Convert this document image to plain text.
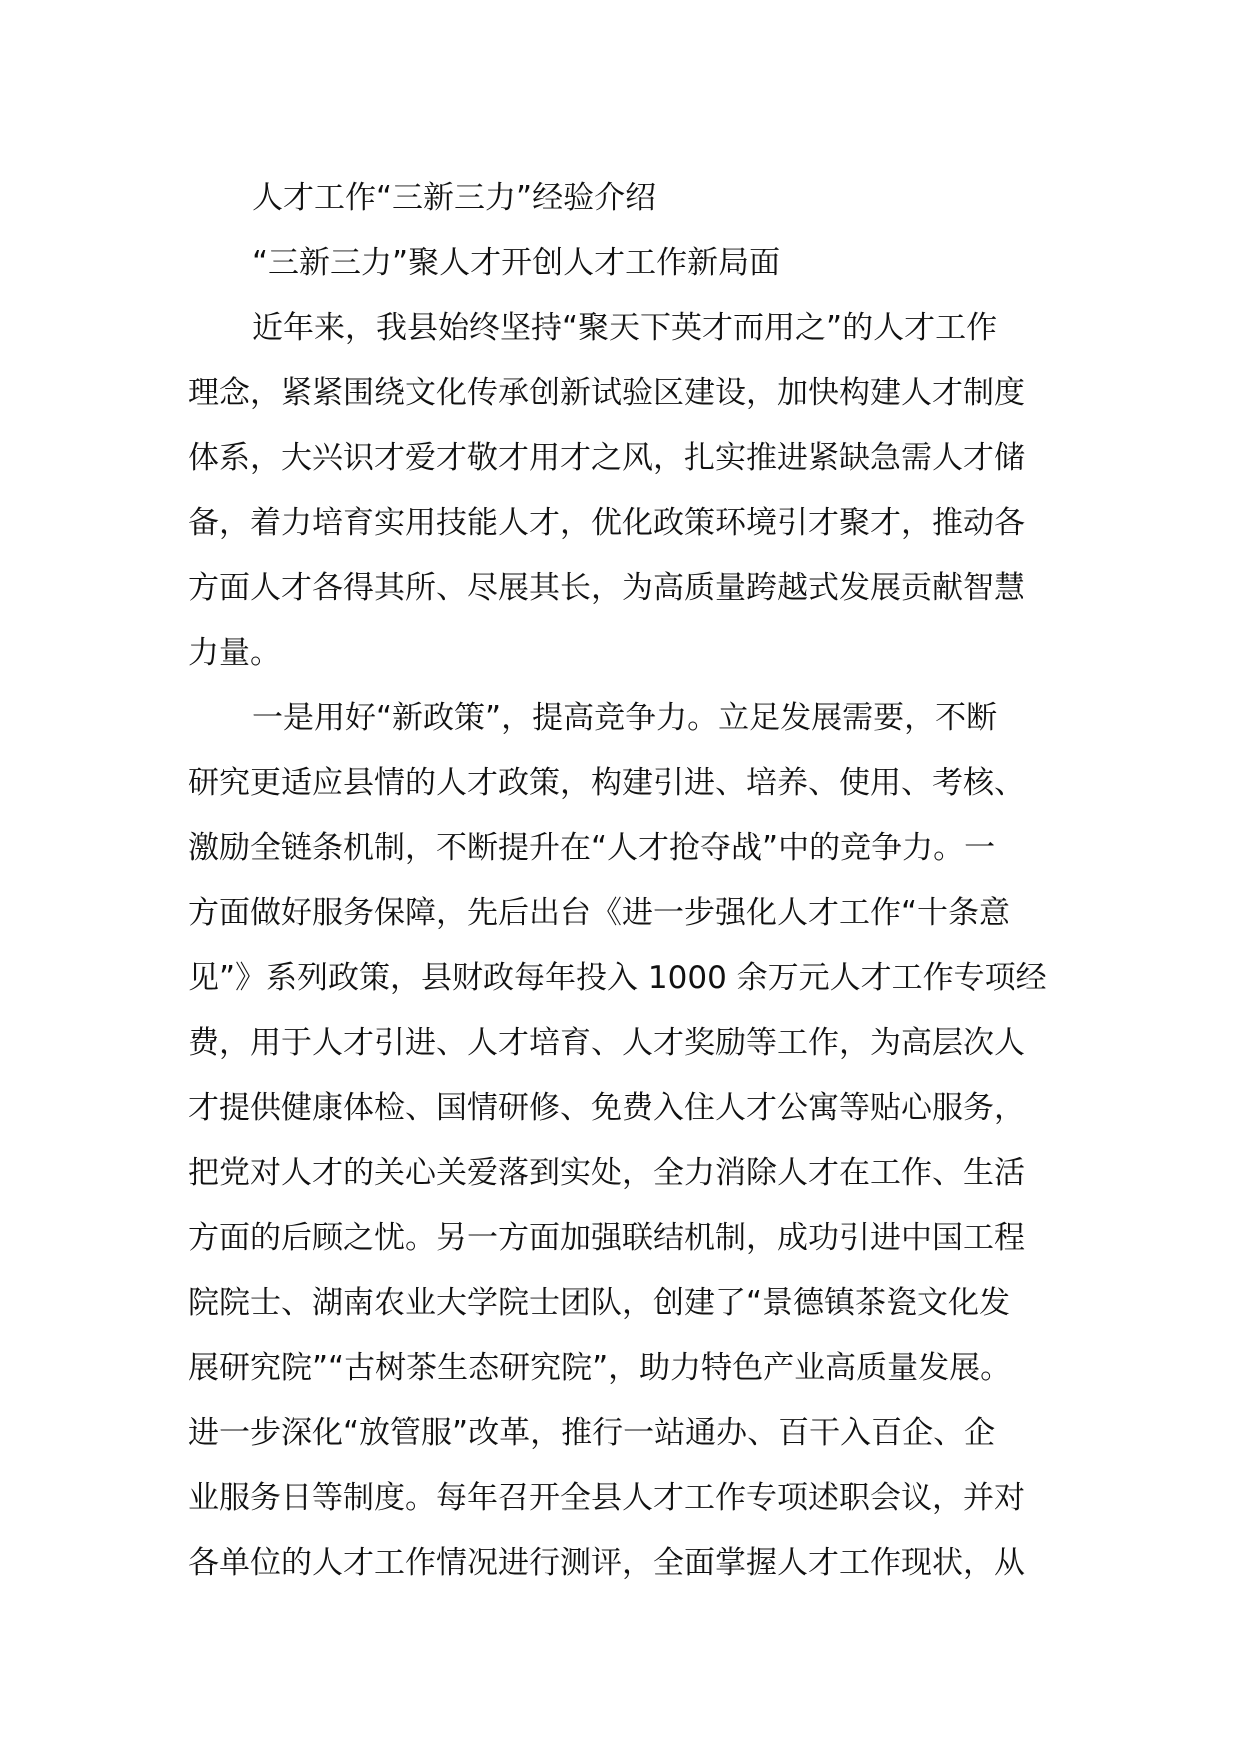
人才工作“三新三力”经验介绍
“三新三力”聚人才开创人才工作新局面
近年来，我县始终坚持“聚天下英才而用之”的人才工作
理念，紧紧围绕文化传承创新试验区建设，加快构建人才制度
体系，大兴识才爱才敬才用才之风，扎实推进紧缺急需人才储
备，着力培育实用技能人才，优化政策环境引才聚才，推动各
方面人才各得其所、尽展其长，为高质量跨越式发展贡献智慧
力量。
一是用好“新政策”，提高竞争力。立足发展需要，不断
研究更适应县情的人才政策，构建引进、培养、使用、考核、
激励全链条机制，不断提升在“人才抢夺战”中的竞争力。一
方面做好服务保障，先后出台《进一步强化人才工作“十条意
见”》系列政策，县财政每年投入 1000 余万元人才工作专项经
费，用于人才引进、人才培育、人才奖励等工作，为高层次人
才提供健康体检、国情研修、免费入住人才公寓等贴心服务，
把党对人才的关心关爱落到实处，全力消除人才在工作、生活
方面的后顾之忧。另一方面加强联结机制，成功引进中国工程
院院士、湖南农业大学院士团队，创建了“景德镇茶瓷文化发
展研究院”“古树茶生态研究院”，助力特色产业高质量发展。
进一步深化“放管服”改革，推行一站通办、百干入百企、企
业服务日等制度。每年召开全县人才工作专项述职会议，并对
各单位的人才工作情况进行测评，全面掌握人才工作现状，从
